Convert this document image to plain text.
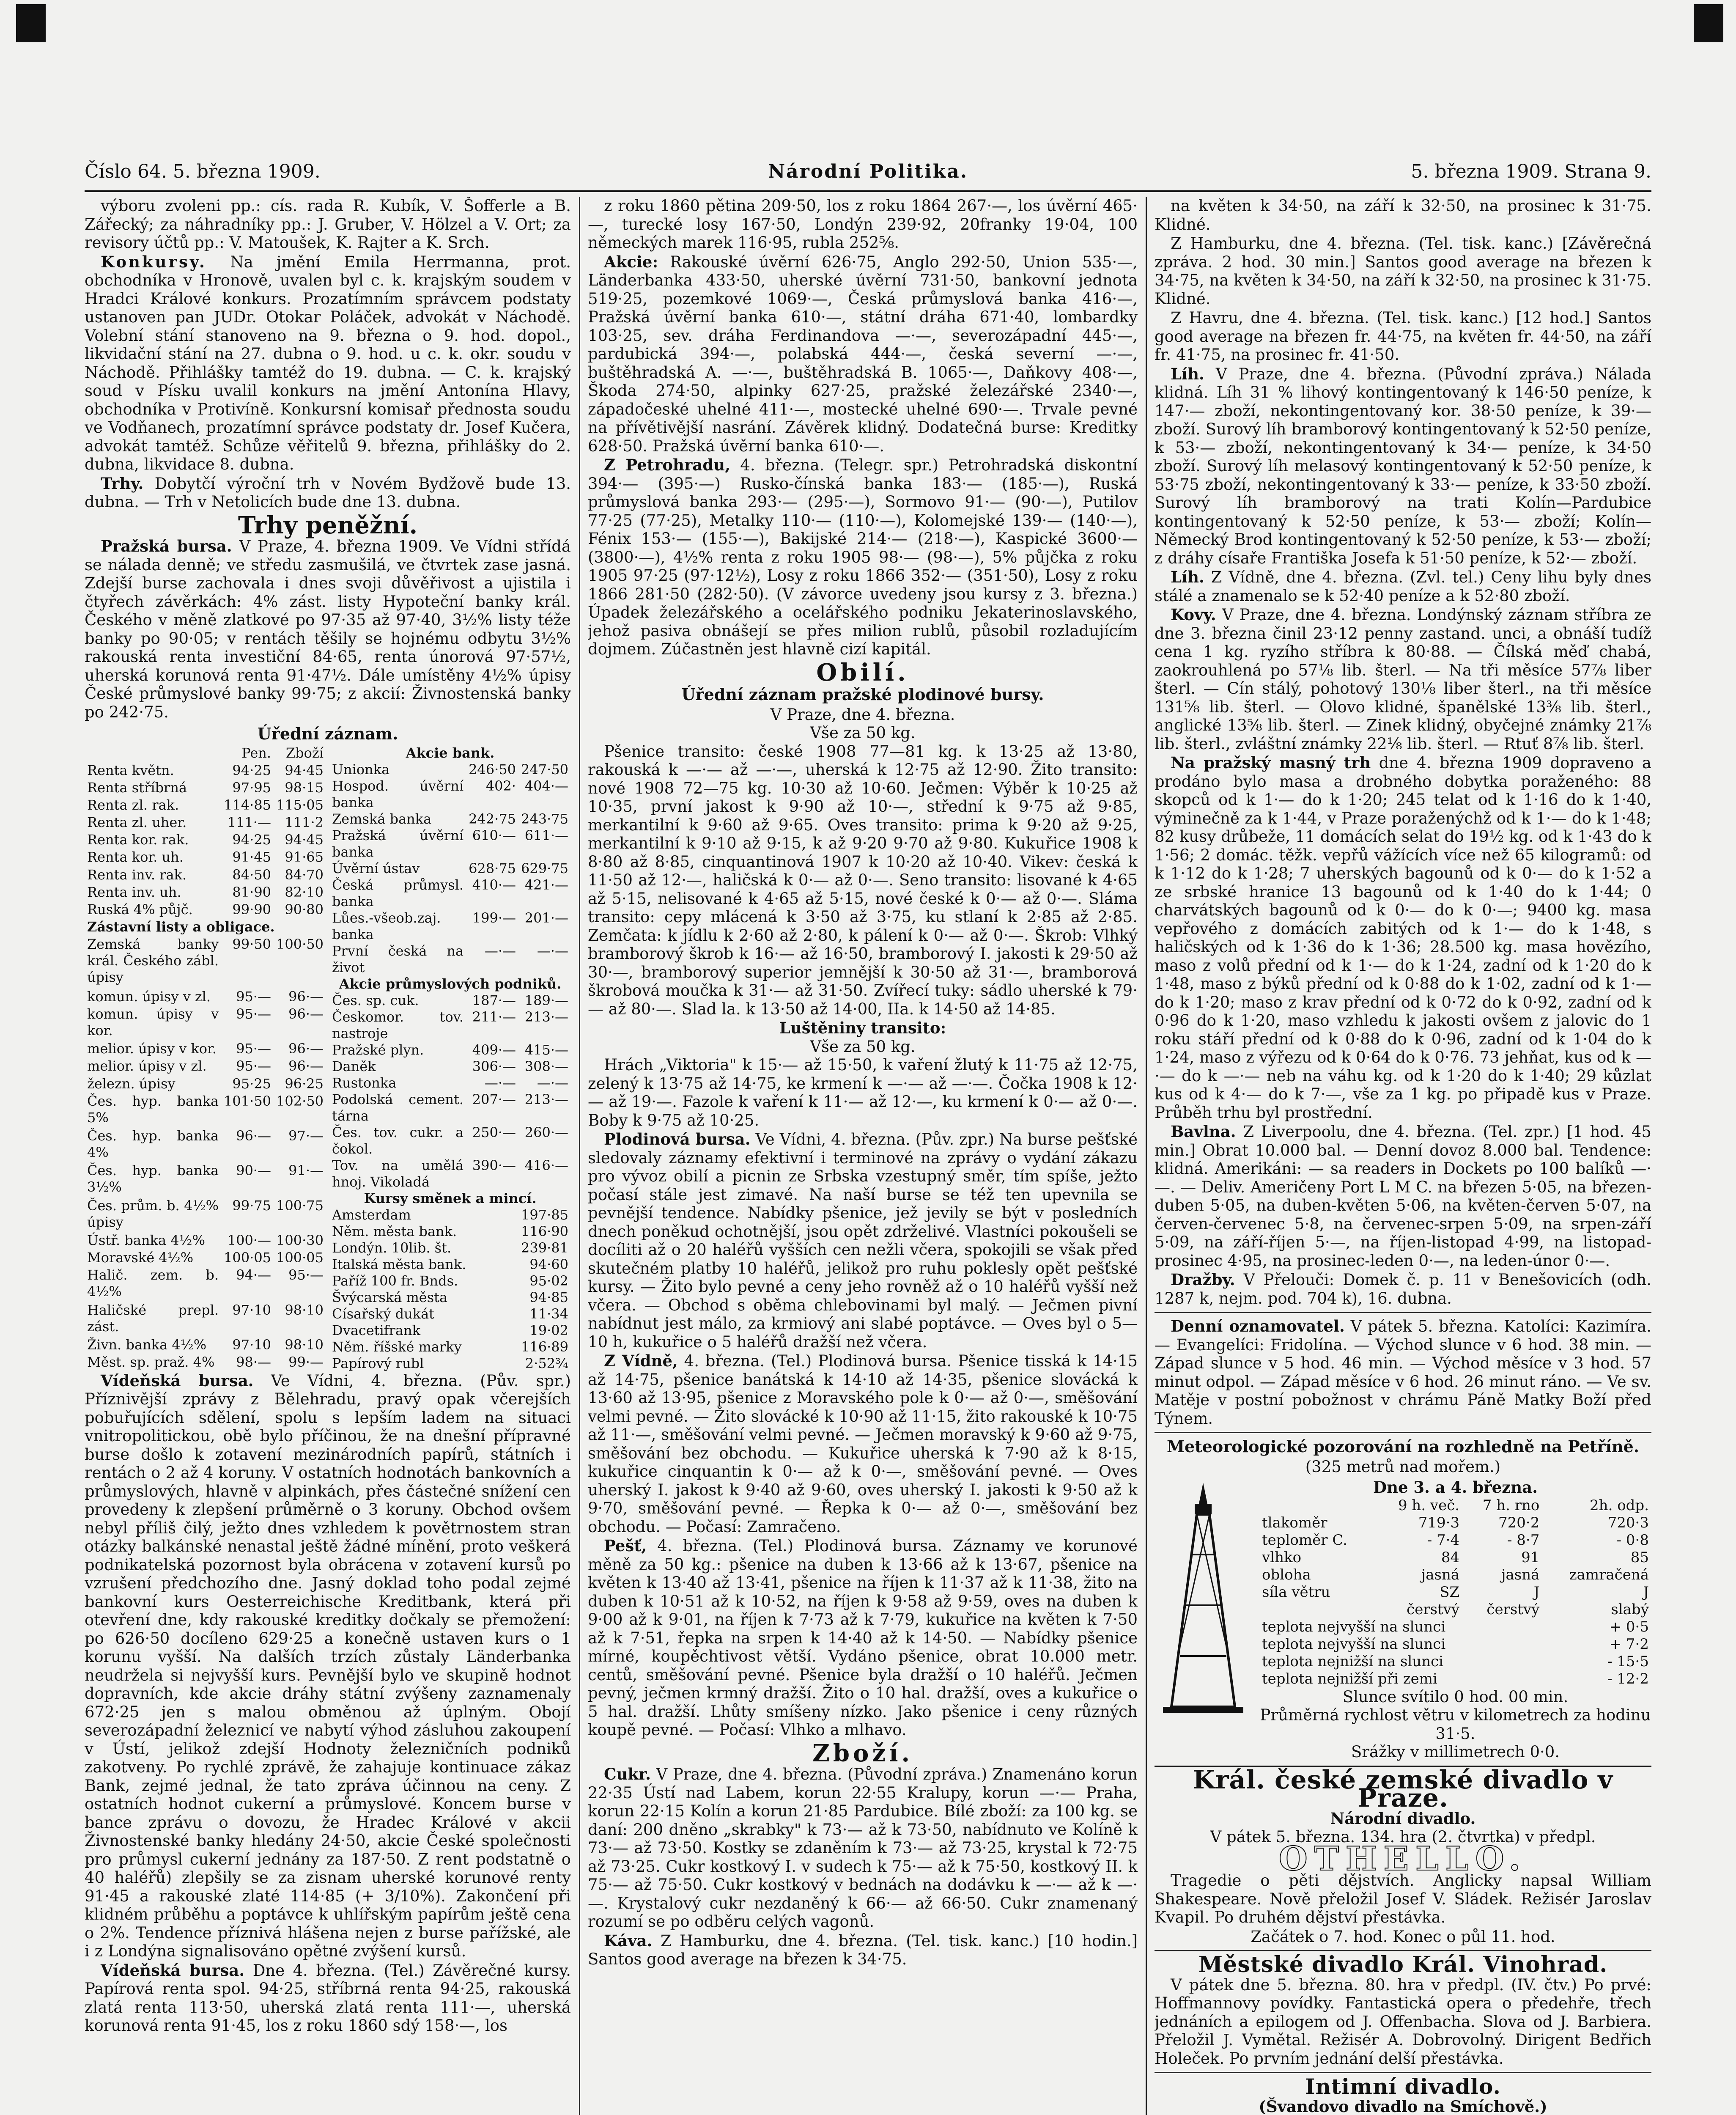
Číslo 64. 5. března 1909.	Národní Politika.	5. března 1909. Strana 9.

výboru zvoleni pp.: cís. rada R. Kubík, V. Šofferle a B. Zářecký; za náhradníky pp.: J. Gruber, V. Hölzel a V. Ort; za revisory účtů pp.: V. Matoušek, K. Rajter a K. Srch.

Konkursy. Na jmění Emila Herrmanna, prot. obchodníka v Hronově, uvalen byl c. k. krajským soudem v Hradci Králové konkurs. Prozatímním správcem podstaty ustanoven pan JUDr. Otokar Poláček, advokát v Náchodě. Volební stání stanoveno na 9. března o 9. hod. dopol., likvidační stání na 27. dubna o 9. hod. u c. k. okr. soudu v Náchodě. Přihlášky tamtéž do 19. dubna. — C. k. krajský soud v Písku uvalil konkurs na jmění Antonína Hlavy, obchodníka v Protivíně. Konkursní komisař přednosta soudu ve Vodňanech, prozatímní správce podstaty dr. Josef Kučera, advokát tamtéž. Schůze věřitelů 9. března, přihlášky do 2. dubna, likvidace 8. dubna.

Trhy. Dobytčí výroční trh v Novém Bydžově bude 13. dubna. — Trh v Netolicích bude dne 13. dubna.

Trhy peněžní.

Pražská bursa. V Praze, 4. března 1909. Ve Vídni střídá se nálada denně; ve středu zasmušilá, ve čtvrtek zase jasná. Zdejší burse zachovala i dnes svoji důvěřivost a ujistila i čtyřech závěrkách: 4% zást. listy Hypoteční banky král. Českého v měně zlatkové po 97·35 až 97·40, 3½% listy téže banky po 90·05; v rentách těšily se hojnému odbytu 3½% rakouská renta investiční 84·65, renta únorová 97·57½, uherská korunová renta 91·47½. Dále umístěny 4½% úpisy České průmyslové banky 99·75; z akcií: Živnostenská banky po 242·75.

Úřední záznam.
	Pen.	Zboží
Renta květn.	94·25	94·45
Renta stříbrná	97·95	98·15
Renta zl. rak.	114·85	115·05
Renta zl. uher.	111·—	111·2
Renta kor. rak.	94·25	94·45
Renta kor. uh.	91·45	91·65
Renta inv. rak.	84·50	84·70
Renta inv. uh.	81·90	82·10
Ruská 4% půjč.	99·90	90·80
Zástavní listy a obligace.		
Zemská banky král. Českého zábl. úpisy	99·50	100·50
komun. úpisy v zl.	95·—	96·—
komun. úpisy v kor.	95·—	96·—
melior. úpisy v kor.	95·—	96·—
melior. úpisy v zl.	95·—	96·—
železn. úpisy	95·25	96·25
Čes. hyp. banka 5%	101·50	102·50
Čes. hyp. banka 4%	96·—	97·—
Čes. hyp. banka 3½%	90·—	91·—
Čes. prům. b. 4½% úpisy	99·75	100·75
Ústř. banka 4½%	100·—	100·30
Moravské 4½%	100·05	100·05
Halič. zem. b. 4½%	94·—	95·—
Haličské prepl. zást.	97·10	98·10
Živn. banka 4½%	97·10	98·10
Měst. sp. praž. 4%	98·—	99·—
Akcie bank.		
Unionka	246·50	247·50
Hospod. úvěrní banka	402·	404·—
Zemská banka	242·75	243·75
Pražská úvěrní banka	610·—	611·—
Úvěrní ústav	628·75	629·75
Česká průmysl. banka	410·—	421·—
Lůes.-všeob.zaj. banka	199·—	201·—
První česká na život	—·—	—·—
Akcie průmyslových podniků.		
Čes. sp. cuk.	187·—	189·—
Českomor. tov. nastroje	211·—	213·—
Pražské plyn.	409·—	415·—
Daněk	306·—	308·—
Rustonka	—·—	—·—
Podolská cement. tárna	207·—	213·—
Čes. tov. cukr. a čokol.	250·—	260·—
Tov. na umělá hnoj. Vikoladá	390·—	416·—
Kursy směnek a mincí.		
Amsterdam		197·85
Něm. města bank.		116·90
Londýn. 10lib. št.		239·81
Italská města bank.		94·60
Paříž 100 fr. Bnds.		95·02
Švýcarská města		94·85
Císařský dukát		11·34
Dvacetifrank		19·02
Něm. říšské marky		116·89
Papírový rubl		2·52¾

Vídeňská bursa. Ve Vídni, 4. března. (Pův. spr.) Příznivější zprávy z Bělehradu, pravý opak včerejších pobuřujících sdělení, spolu s lepším ladem na situaci vnitropolitickou, obě bylo příčinou, že na dnešní přípravné burse došlo k zotavení mezinárodních papírů, státních i rentách o 2 až 4 koruny. V ostatních hodnotách bankovních a průmyslových, hlavně v alpinkách, přes částečné snížení cen provedeny k zlepšení průměrně o 3 koruny. Obchod ovšem nebyl příliš čilý, ježto dnes vzhledem k povětrnostem stran otázky balkánské nenastal ještě žádné mínění, proto veškerá podnikatelská pozornost byla obrácena v zotavení kursů po vzrušení předchozího dne. Jasný doklad toho podal zejmé bankovní kurs Oesterreichische Kreditbank, která při otevření dne, kdy rakouské kreditky dočkaly se přemožení: po 626·50 docíleno 629·25 a konečně ustaven kurs o 1 korunu vyšší. Na dalších trzích zůstaly Länderbanka neudržela si nejvyšší kurs. Pevnější bylo ve skupině hodnot dopravních, kde akcie dráhy státní zvýšeny zaznamenaly 672·25 jen s malou obměnou až úplným. Obojí severozápadní železnicí ve nabytí výhod zásluhou zakoupení v Ústí, jelikož zdejší Hodnoty železničních podniků zakotveny. Po rychlé zprávě, že zahajuje kontinuace zákaz Bank, zejmé jednal, že tato zpráva účinnou na ceny. Z ostatních hodnot cukerní a průmyslové. Koncem burse v bance zprávu o dovozu, že Hradec Králové v akcii Živnostenské banky hledány 24·50, akcie České společnosti pro průmysl cukerní jednány za 187·50. Z rent podstatně o 40 haléřů) zlepšily se za zisnam uherské korunové renty 91·45 a rakouské zlaté 114·85 (+ 3/10%). Zakončení při klidném průběhu a poptávce k uhlířským papírům ještě cena o 2%. Tendence příznivá hlášena nejen z burse pařížské, ale i z Londýna signalisováno opětné zvýšení kursů.

Vídeňská bursa. Dne 4. března. (Tel.) Závěrečné kursy. Papírová renta spol. 94·25, stříbrná renta 94·25, rakouská zlatá renta 113·50, uherská zlatá renta 111·—, uherská korunová renta 91·45, los z roku 1860 sdý 158·—, los

z roku 1860 pětina 209·50, los z roku 1864 267·—, los úvěrní 465·—, turecké losy 167·50, Londýn 239·92, 20franky 19·04, 100 německých marek 116·95, rubla 252⅝.

Akcie: Rakouské úvěrní 626·75, Anglo 292·50, Union 535·—, Länderbanka 433·50, uherské úvěrní 731·50, bankovní jednota 519·25, pozemkové 1069·—, Česká průmyslová banka 416·—, Pražská úvěrní banka 610·—, státní dráha 671·40, lombardky 103·25, sev. dráha Ferdinandova —·—, severozápadní 445·—, pardubická 394·—, polabská 444·—, česká severní —·—, buštěhradská A. —·—, buštěhradská B. 1065·—, Daňkovy 408·—, Škoda 274·50, alpinky 627·25, pražské železářské 2340·—, západočeské uhelné 411·—, mostecké uhelné 690·—. Trvale pevné na přívětivější nasrání. Závěrek klidný. Dodatečná burse: Kreditky 628·50. Pražská úvěrní banka 610·—.

Z Petrohradu, 4. března. (Telegr. spr.) Petrohradská diskontní 394·— (395·—) Rusko-čínská banka 183·— (185·—), Ruská průmyslová banka 293·— (295·—), Sormovo 91·— (90·—), Putilov 77·25 (77·25), Metalky 110·— (110·—), Kolomejské 139·— (140·—), Fénix 153·— (155·—), Bakijské 214·— (218·—), Kaspické 3600·— (3800·—), 4½% renta z roku 1905 98·— (98·—), 5% půjčka z roku 1905 97·25 (97·12½), Losy z roku 1866 352·— (351·50), Losy z roku 1866 281·50 (282·50). (V závorce uvedeny jsou kursy z 3. března.) Úpadek železářského a ocelářského podniku Jekaterinoslavského, jehož pasiva obnášejí se přes milion rublů, působil rozladujícím dojmem. Zúčastněn jest hlavně cizí kapitál.

Obilí.
Úřední záznam pražské plodinové bursy.
V Praze, dne 4. března.
Vše za 50 kg.

Pšenice transito: české 1908 77—81 kg. k 13·25 až 13·80, rakouská k —·— až —·—, uherská k 12·75 až 12·90. Žito transito: nové 1908 72—75 kg. 10·30 až 10·60. Ječmen: Výběr k 10·25 až 10·35, první jakost k 9·90 až 10·—, střední k 9·75 až 9·85, merkantilní k 9·60 až 9·65. Oves transito: prima k 9·20 až 9·25, merkantilní k 9·10 až 9·15, k až 9·20 9·70 až 9·80. Kukuřice 1908 k 8·80 až 8·85, cinquantinová 1907 k 10·20 až 10·40. Vikev: česká k 11·50 až 12·—, haličská k 0·— až 0·—. Seno transito: lisované k 4·65 až 5·15, nelisované k 4·65 až 5·15, nové české k 0·— až 0·—. Sláma transito: cepy mlácená k 3·50 až 3·75, ku stlaní k 2·85 až 2·85. Zemčata: k jídlu k 2·60 až 2·80, k pálení k 0·— až 0·—. Škrob: Vlhký bramborový škrob k 16·— až 16·50, bramborový I. jakosti k 29·50 až 30·—, bramborový superior jemnější k 30·50 až 31·—, bramborová škrobová moučka k 31·— až 31·50. Zvířecí tuky: sádlo uherské k 79·— až 80·—. Slad la. k 13·50 až 14·00, IIa. k 14·50 až 14·85.

Luštěniny transito:
Vše za 50 kg.

Hrách „Viktoria" k 15·— až 15·50, k vaření žlutý k 11·75 až 12·75, zelený k 13·75 až 14·75, ke krmení k —·— až —·—. Čočka 1908 k 12·— až 19·—. Fazole k vaření k 11·— až 12·—, ku krmení k 0·— až 0·—. Boby k 9·75 až 10·25.

Plodinová bursa. Ve Vídni, 4. března. (Pův. zpr.) Na burse pešťské sledovaly záznamy efektivní i terminové na zprávy o vydání zákazu pro vývoz obilí a picnin ze Srbska vzestupný směr, tím spíše, ježto počasí stále jest zimavé. Na naší burse se též ten upevnila se pevnější tendence. Nabídky pšenice, jež jevily se být v posledních dnech poněkud ochotnější, jsou opět zdrželivé. Vlastníci pokoušeli se docíliti až o 20 haléřů vyšších cen nežli včera, spokojili se však před skutečném platby 10 haléřů, jelikož pro ruhu poklesly opět pešťské kursy. — Žito bylo pevné a ceny jeho rovněž až o 10 haléřů vyšší než včera. — Obchod s oběma chlebovinami byl malý. — Ječmen pivní nabídnut jest málo, za krmiový ani slabé poptávce. — Oves byl o 5—10 h, kukuřice o 5 haléřů dražší než včera.

Z Vídně, 4. března. (Tel.) Plodinová bursa. Pšenice tisská k 14·15 až 14·75, pšenice banátská k 14·10 až 14·35, pšenice slovácká k 13·60 až 13·95, pšenice z Moravského pole k 0·— až 0·—, směšování velmi pevné. — Žito slovácké k 10·90 až 11·15, žito rakouské k 10·75 až 11·—, směšování velmi pevné. — Ječmen moravský k 9·60 až 9·75, směšování bez obchodu. — Kukuřice uherská k 7·90 až k 8·15, kukuřice cinquantin k 0·— až k 0·—, směšování pevné. — Oves uherský I. jakost k 9·40 až 9·60, oves uherský I. jakosti k 9·50 až k 9·70, směšování pevné. — Řepka k 0·— až 0·—, směšování bez obchodu. — Počasí: Zamračeno.

Pešť, 4. března. (Tel.) Plodinová bursa. Záznamy ve korunové měně za 50 kg.: pšenice na duben k 13·66 až k 13·67, pšenice na květen k 13·40 až 13·41, pšenice na říjen k 11·37 až k 11·38, žito na duben k 10·51 až k 10·52, na říjen k 9·58 až 9·59, oves na duben k 9·00 až k 9·01, na říjen k 7·73 až k 7·79, kukuřice na květen k 7·50 až k 7·51, řepka na srpen k 14·40 až k 14·50. — Nabídky pšenice mírné, koupěchtivost větší. Vydáno pšenice, obrat 10.000 metr. centů, směšování pevné. Pšenice byla dražší o 10 haléřů. Ječmen pevný, ječmen krmný dražší. Žito o 10 hal. dražší, oves a kukuřice o 5 hal. dražší. Lhůty smíšeny nízko. Jako pšenice i ceny různých koupě pevné. — Počasí: Vlhko a mlhavo.

Zboží.

Cukr. V Praze, dne 4. března. (Původní zpráva.) Znamenáno korun 22·35 Ústí nad Labem, korun 22·55 Kralupy, korun —·— Praha, korun 22·15 Kolín a korun 21·85 Pardubice. Bílé zboží: za 100 kg. se daní: 200 dněno „skrabky" k 73·— až k 73·50, nabídnuto ve Kolíně k 73·— až 73·50. Kostky se zdaněním k 73·— až 73·25, krystal k 72·75 až 73·25. Cukr kostkový I. v sudech k 75·— až k 75·50, kostkový II. k 75·— až 75·50. Cukr kostkový v bednách na dodávku k —·— až k —·—. Krystalový cukr nezdaněný k 66·— až 66·50. Cukr znamenaný rozumí se po odběru celých vagonů.

Káva. Z Hamburku, dne 4. března. (Tel. tisk. kanc.) [10 hodin.] Santos good average na březen k 34·75.

na květen k 34·50, na září k 32·50, na prosinec k 31·75. Klidné.

Z Hamburku, dne 4. března. (Tel. tisk. kanc.) [Závěrečná zpráva. 2 hod. 30 min.] Santos good average na březen k 34·75, na květen k 34·50, na září k 32·50, na prosinec k 31·75. Klidné.

Z Havru, dne 4. března. (Tel. tisk. kanc.) [12 hod.] Santos good average na březen fr. 44·75, na květen fr. 44·50, na září fr. 41·75, na prosinec fr. 41·50.

Líh. V Praze, dne 4. března. (Původní zpráva.) Nálada klidná. Líh 31 % lihový kontingentovaný k 146·50 peníze, k 147·— zboží, nekontingentovaný kor. 38·50 peníze, k 39·— zboží. Surový líh bramborový kontingentovaný k 52·50 peníze, k 53·— zboží, nekontingentovaný k 34·— peníze, k 34·50 zboží. Surový líh melasový kontingentovaný k 52·50 peníze, k 53·75 zboží, nekontingentovaný k 33·— peníze, k 33·50 zboží. Surový líh bramborový na trati Kolín—Pardubice kontingentovaný k 52·50 peníze, k 53·— zboží; Kolín—Německý Brod kontingentovaný k 52·50 peníze, k 53·— zboží; z dráhy císaře Františka Josefa k 51·50 peníze, k 52·— zboží.

Líh. Z Vídně, dne 4. března. (Zvl. tel.) Ceny lihu byly dnes stálé a znamenalo se k 52·40 peníze a k 52·80 zboží.

Kovy. V Praze, dne 4. března. Londýnský záznam stříbra ze dne 3. března činil 23·12 penny zastand. unci, a obnáší tudíž cena 1 kg. ryzího stříbra k 80·88. — Čílská měď chabá, zaokrouhlená po 57⅛ lib. šterl. — Na tři měsíce 57⅞ liber šterl. — Cín stálý, pohotový 130⅛ liber šterl., na tři měsíce 131⅝ lib. šterl. — Olovo klidné, španělské 13⅜ lib. šterl., anglické 13⅝ lib. šterl. — Zinek klidný, obyčejné známky 21⅞ lib. šterl., zvláštní známky 22⅛ lib. šterl. — Rtuť 8⅞ lib. šterl.

Na pražský masný trh dne 4. března 1909 dopraveno a prodáno bylo masa a drobného dobytka poraženého: 88 skopců od k 1·— do k 1·20; 245 telat od k 1·16 do k 1·40, výminečně za k 1·44, v Praze poraženýchž od k 1·— do k 1·48; 82 kusy drůbeže, 11 domácích selat do 19½ kg. od k 1·43 do k 1·56; 2 domác. těžk. vepřů vážících více než 65 kilogramů: od k 1·12 do k 1·28; 7 uherských bagounů od k 0·— do k 1·52 a ze srbské hranice 13 bagounů od k 1·40 do k 1·44; 0 charvátských bagounů od k 0·— do k 0·—; 9400 kg. masa vepřového z domácích zabitých od k 1·— do k 1·48, s haličských od k 1·36 do k 1·36; 28.500 kg. masa hovězího, maso z volů přední od k 1·— do k 1·24, zadní od k 1·20 do k 1·48, maso z býků přední od k 0·88 do k 1·02, zadní od k 1·— do k 1·20; maso z krav přední od k 0·72 do k 0·92, zadní od k 0·96 do k 1·20, maso vzhledu k jakosti ovšem z jalovic do 1 roku stáří přední od k 0·88 do k 0·96, zadní od k 1·04 do k 1·24, maso z výřezu od k 0·64 do k 0·76. 73 jehňat, kus od k —·— do k —·— neb na váhu kg. od k 1·20 do k 1·40; 29 kůzlat kus od k 4·— do k 7·—, vše za 1 kg. po připadě kus v Praze. Průběh trhu byl prostřední.

Bavlna. Z Liverpoolu, dne 4. března. (Tel. zpr.) [1 hod. 45 min.] Obrat 10.000 bal. — Denní dovoz 8.000 bal. Tendence: klidná. Amerikáni: — sa readers in Dockets po 100 balíků —·—. — Deliv. Američeny Port L M C. na březen 5·05, na březen-duben 5·05, na duben-květen 5·06, na květen-červen 5·07, na červen-červenec 5·8, na červenec-srpen 5·09, na srpen-září 5·09, na září-říjen 5·—, na říjen-listopad 4·99, na listopad-prosinec 4·95, na prosinec-leden 0·—, na leden-únor 0·—.

Dražby. V Přelouči: Domek č. p. 11 v Benešovicích (odh. 1287 k, nejm. pod. 704 k), 16. dubna.

Denní oznamovatel. V pátek 5. března. Katolíci: Kazimíra. — Evangelíci: Fridolína. — Východ slunce v 6 hod. 38 min. — Západ slunce v 5 hod. 46 min. — Východ měsíce v 3 hod. 57 minut odpol. — Západ měsíce v 6 hod. 26 minut ráno. — Ve sv. Matěje v postní pobožnost v chrámu Páně Matky Boží před Týnem.

Meteorologické pozorování na rozhledně na Petříně.
(325 metrů nad mořem.)
Dne 3. a 4. března.
	9 h. več.	7 h. rno	2h. odp.
tlakoměr	719·3	720·2	720·3
teploměr C.	- 7·4	- 8·7	- 0·8
vlhko	84	91	85
obloha	jasná	jasná	zamračená
síla větru	SZ	J	J
	čerstvý	čerstvý	slabý
teplota nejvyšší na slunci			+ 0·5
teplota nejvyšší na slunci			+ 7·2
teplota nejnižší na slunci			- 15·5
teplota nejnižší při zemi			- 12·2
Slunce svítilo 0 hod. 00 min.
Průměrná rychlost větru v kilometrech za hodinu 31·5.
Srážky v millimetrech 0·0.
Král. české zemské divadlo v Praze.
Národní divadlo.
V pátek 5. března. 134. hra (2. čtvrtka) v předpl.
OTHELLO.

Tragedie o pěti dějstvích. Anglicky napsal William Shakespeare. Nově přeložil Josef V. Sládek. Režisér Jaroslav Kvapil. Po druhém dějství přestávka.

Začátek o 7. hod. Konec o půl 11. hod.
Městské divadlo Král. Vinohrad.

V pátek dne 5. března. 80. hra v předpl. (IV. čtv.) Po prvé: Hoffmannovy povídky. Fantastická opera o předehře, třech jednáních a epilogem od J. Offenbacha. Slova od J. Barbiera. Přeložil J. Vymětal. Režisér A. Dobrovolný. Dirigent Bedřich Holeček. Po prvním jednání delší přestávka.

Intimní divadlo.
(Švandovo divadlo na Smíchově.)
